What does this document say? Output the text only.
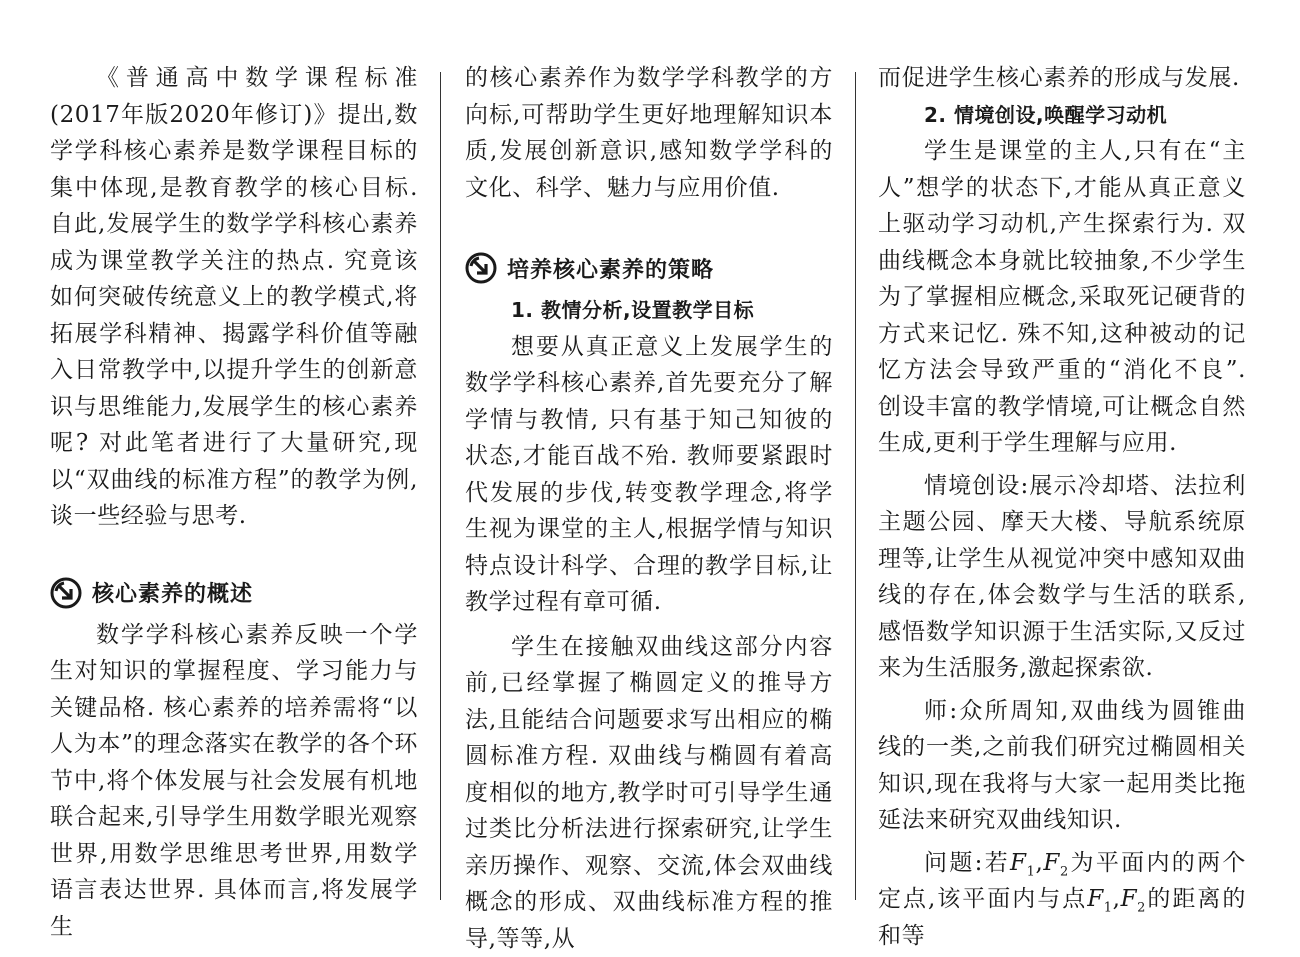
《普通高中数学课程标准(2017年版2020年修订)》提出,数学学科核心素养是数学课程目标的集中体现,是教育教学的核心目标. 自此,发展学生的数学学科核心素养成为课堂教学关注的热点. 究竟该如何突破传统意义上的教学模式,将拓展学科精神、揭露学科价值等融入日常教学中,以提升学生的创新意识与思维能力,发展学生的核心素养呢? 对此笔者进行了大量研究,现以“双曲线的标准方程”的教学为例,谈一些经验与思考.

核心素养的概述

数学学科核心素养反映一个学生对知识的掌握程度、学习能力与关键品格. 核心素养的培养需将“以人为本”的理念落实在教学的各个环节中,将个体发展与社会发展有机地联合起来,引导学生用数学眼光观察世界,用数学思维思考世界,用数学语言表达世界. 具体而言,将发展学生

的核心素养作为数学学科教学的方向标,可帮助学生更好地理解知识本质,发展创新意识,感知数学学科的文化、科学、魅力与应用价值.

培养核心素养的策略

1. 教情分析,设置教学目标

想要从真正意义上发展学生的数学学科核心素养,首先要充分了解学情与教情, 只有基于知己知彼的状态,才能百战不殆. 教师要紧跟时代发展的步伐,转变教学理念,将学生视为课堂的主人,根据学情与知识特点设计科学、合理的教学目标,让教学过程有章可循.

学生在接触双曲线这部分内容前,已经掌握了椭圆定义的推导方法,且能结合问题要求写出相应的椭圆标准方程. 双曲线与椭圆有着高度相似的地方,教学时可引导学生通过类比分析法进行探索研究,让学生亲历操作、观察、交流,体会双曲线概念的形成、双曲线标准方程的推导,等等,从

而促进学生核心素养的形成与发展.

2. 情境创设,唤醒学习动机

学生是课堂的主人,只有在“主人”想学的状态下,才能从真正意义上驱动学习动机,产生探索行为. 双曲线概念本身就比较抽象,不少学生为了掌握相应概念,采取死记硬背的方式来记忆. 殊不知,这种被动的记忆方法会导致严重的“消化不良”. 创设丰富的教学情境,可让概念自然生成,更利于学生理解与应用.

情境创设:展示冷却塔、法拉利主题公园、摩天大楼、导航系统原理等,让学生从视觉冲突中感知双曲线的存在,体会数学与生活的联系,感悟数学知识源于生活实际,又反过来为生活服务,激起探索欲.

师:众所周知,双曲线为圆锥曲线的一类,之前我们研究过椭圆相关知识,现在我将与大家一起用类比拖延法来研究双曲线知识.

问题:若$F_1,F_2$为平面内的两个定点,该平面内与点$F_1,F_2$的距离的和等
